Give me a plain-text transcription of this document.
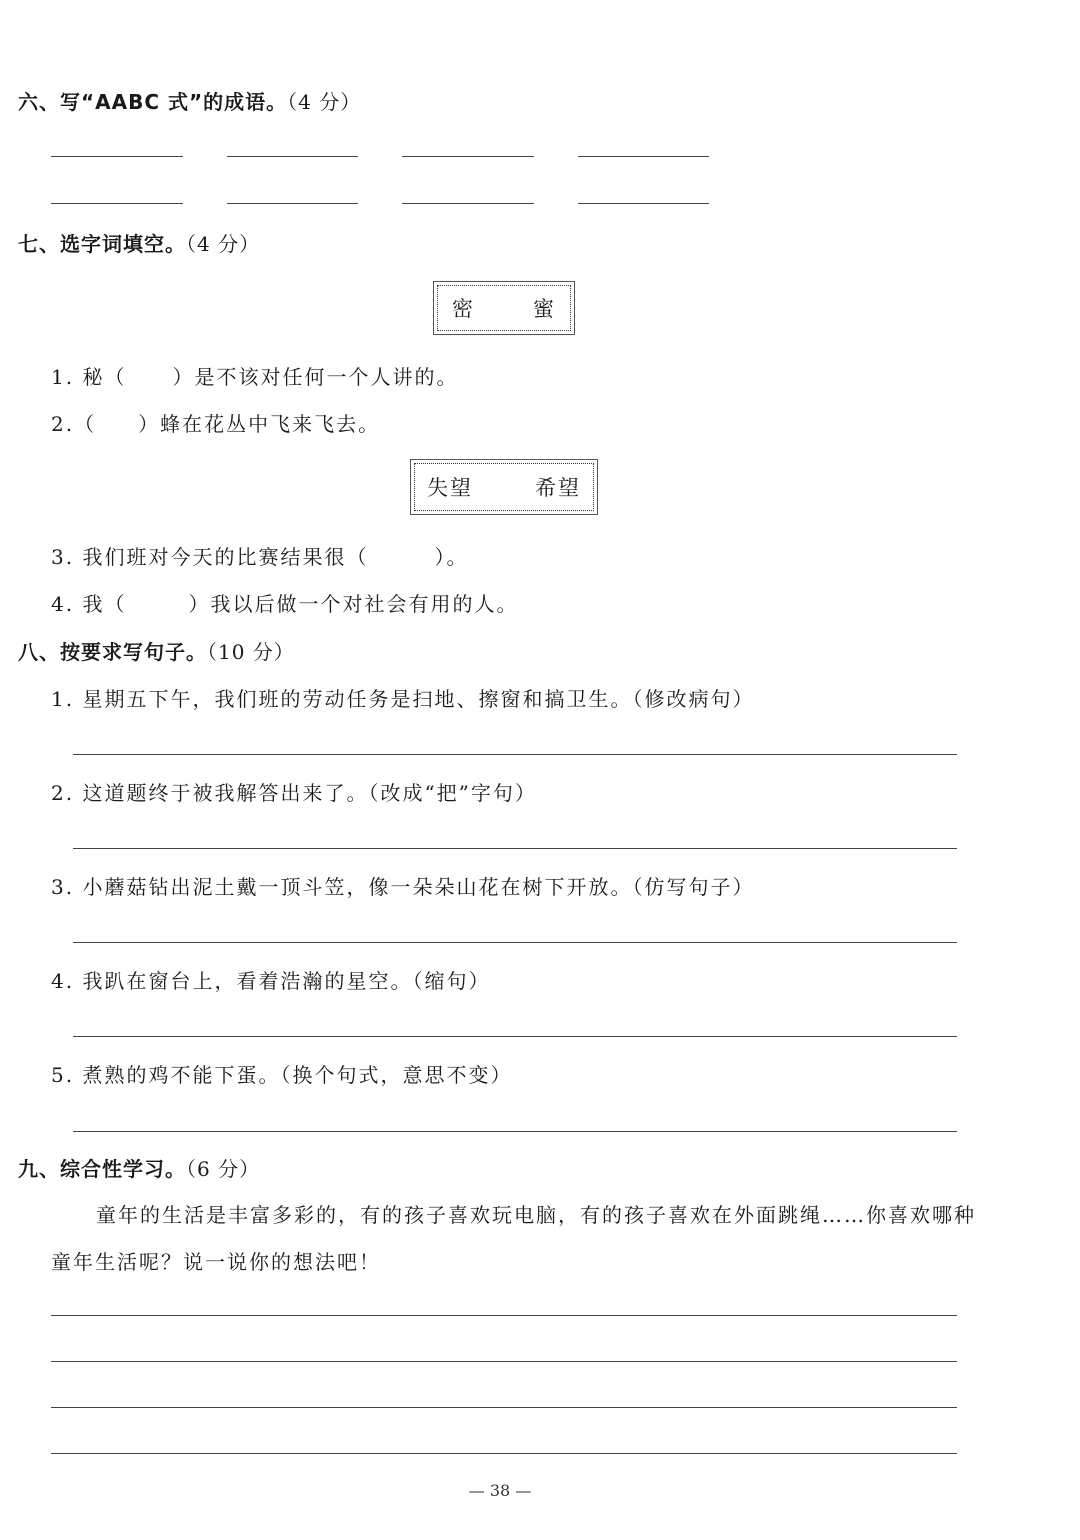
六、写“AABC 式”的成语。（4 分）
七、选字词填空。（4 分）
密	蜜
1. 秘（ ）是不该对任何一个人讲的。
2.（ ）蜂在花丛中飞来飞去。
失望	希望
3. 我们班对今天的比赛结果很（	）。
4. 我（	）我以后做一个对社会有用的人。
八、按要求写句子。（10 分）
1. 星期五下午，我们班的劳动任务是扫地、擦窗和搞卫生。（修改病句）
2. 这道题终于被我解答出来了。（改成“把”字句）
3. 小蘑菇钻出泥土戴一顶斗笠，像一朵朵山花在树下开放。（仿写句子）
4. 我趴在窗台上，看着浩瀚的星空。（缩句）
5. 煮熟的鸡不能下蛋。（换个句式，意思不变）
九、综合性学习。（6 分）
童年的生活是丰富多彩的，有的孩子喜欢玩电脑，有的孩子喜欢在外面跳绳……你喜欢哪种
童年生活呢？说一说你的想法吧！
— 38 —
